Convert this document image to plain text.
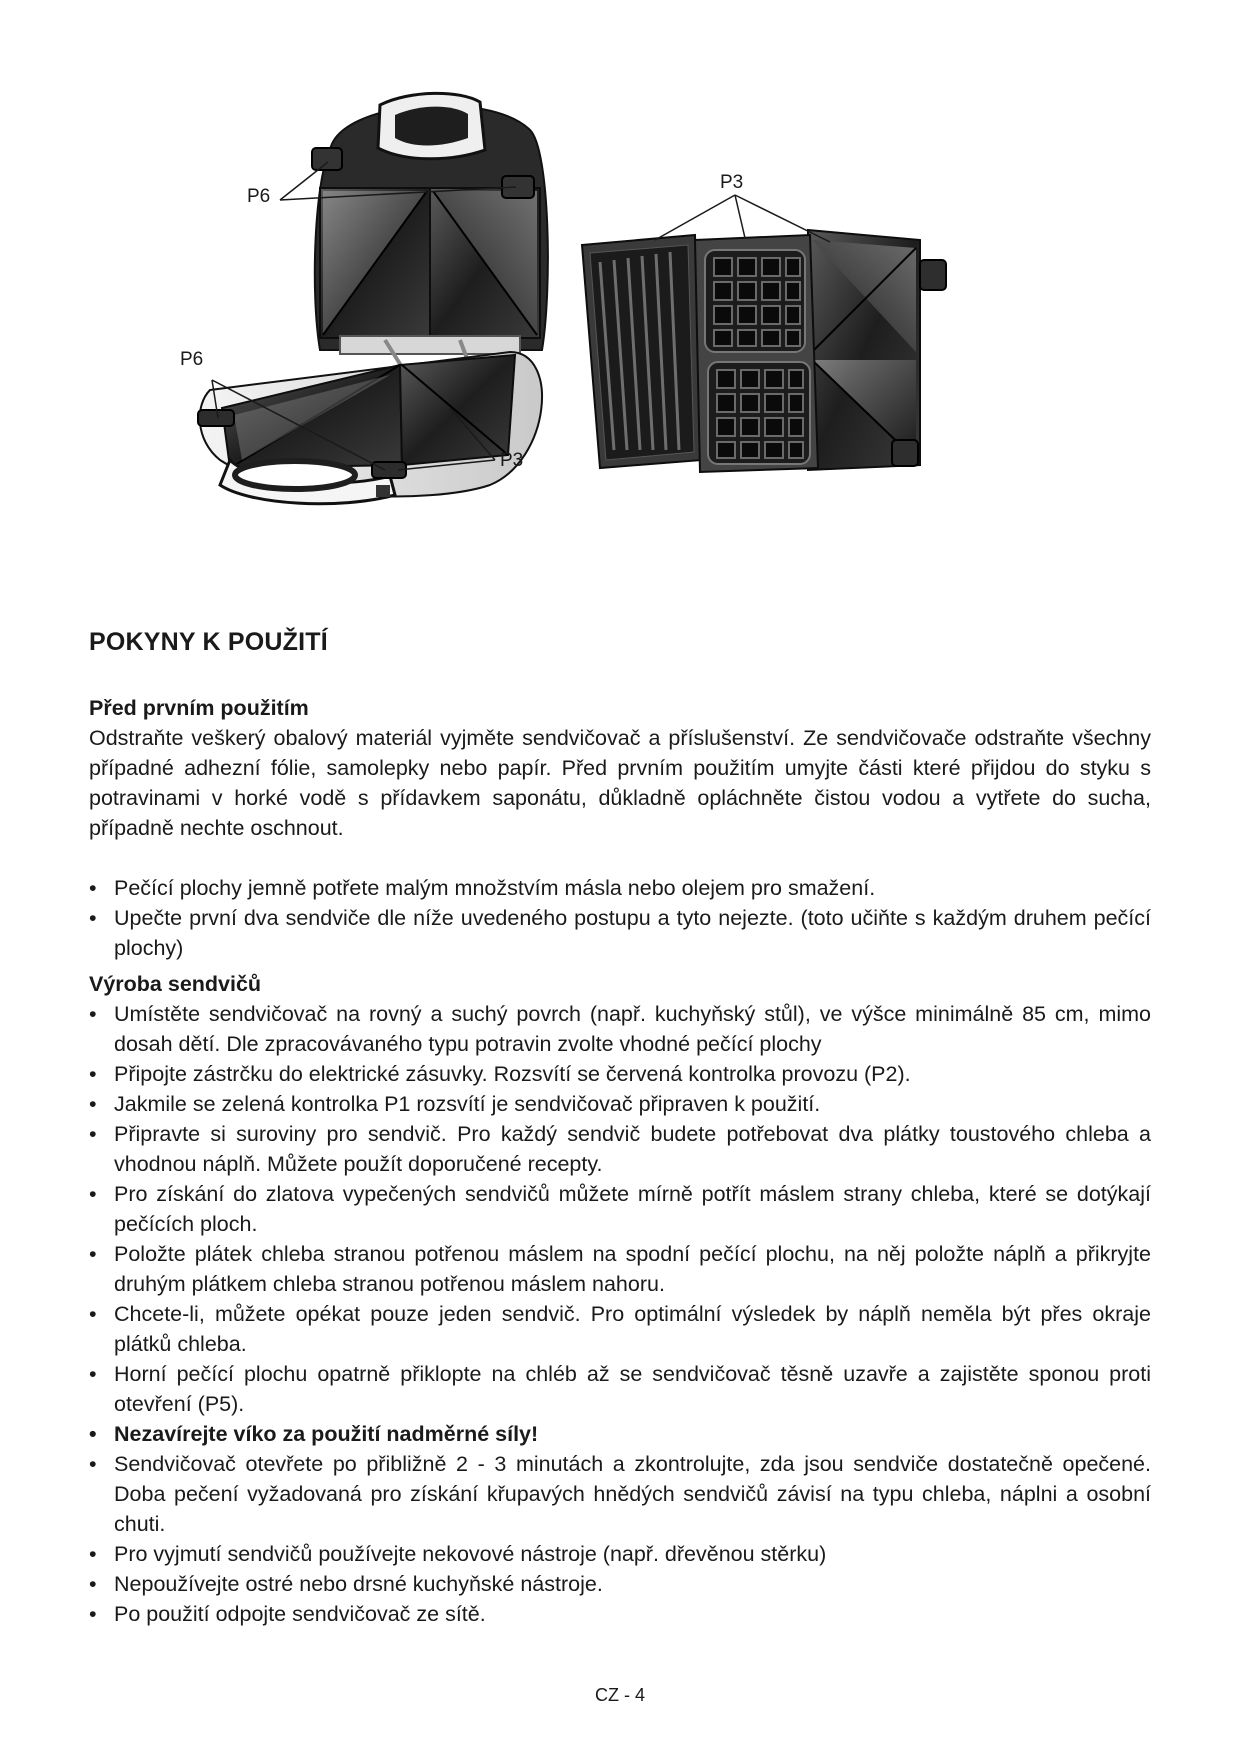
P6
P6
P3
P3
POKYNY K POUŽITÍ
Před prvním použitím

Odstraňte veškerý obalový materiál vyjměte sendvičovač a příslušenství. Ze sendvičovače odstraňte všechny případné adhezní fólie, samolepky nebo papír. Před prvním použitím umyjte části které přijdou do styku s potravinami v horké vodě s přídavkem saponátu, důkladně opláchněte čistou vodou a vytřete do sucha, případně nechte oschnout.

• Pečící plochy jemně potřete malým množstvím másla nebo olejem pro smažení.
• Upečte první dva sendviče dle níže uvedeného postupu a tyto nejezte. (toto učiňte s každým druhem pečící plochy)
Výroba sendvičů
• Umístěte sendvičovač na rovný a suchý povrch (např. kuchyňský stůl), ve výšce minimálně 85 cm, mimo dosah dětí. Dle zpracovávaného typu potravin zvolte vhodné pečící plochy
• Připojte zástrčku do elektrické zásuvky. Rozsvítí se červená kontrolka provozu (P2).
• Jakmile se zelená kontrolka P1 rozsvítí je sendvičovač připraven k použití.
• Připravte si suroviny pro sendvič. Pro každý sendvič budete potřebovat dva plátky toustového chleba a vhodnou náplň. Můžete použít doporučené recepty.
• Pro získání do zlatova vypečených sendvičů můžete mírně potřít máslem strany chleba, které se dotýkají pečících ploch.
• Položte plátek chleba stranou potřenou máslem na spodní pečící plochu, na něj položte náplň a přikryjte druhým plátkem chleba stranou potřenou máslem nahoru.
• Chcete-li, můžete opékat pouze jeden sendvič. Pro optimální výsledek by náplň neměla být přes okraje plátků chleba.
• Horní pečící plochu opatrně přiklopte na chléb až se sendvičovač těsně uzavře a zajistěte sponou proti otevření (P5).
• Nezavírejte víko za použití nadměrné síly!
• Sendvičovač otevřete po přibližně 2 - 3 minutách a zkontrolujte, zda jsou sendviče dostatečně opečené. Doba pečení vyžadovaná pro získání křupavých hnědých sendvičů závisí na typu chleba, náplni a osobní chuti.
• Pro vyjmutí sendvičů používejte nekovové nástroje (např. dřevěnou stěrku)
• Nepoužívejte ostré nebo drsné kuchyňské nástroje.
• Po použití odpojte sendvičovač ze sítě.
CZ - 4
